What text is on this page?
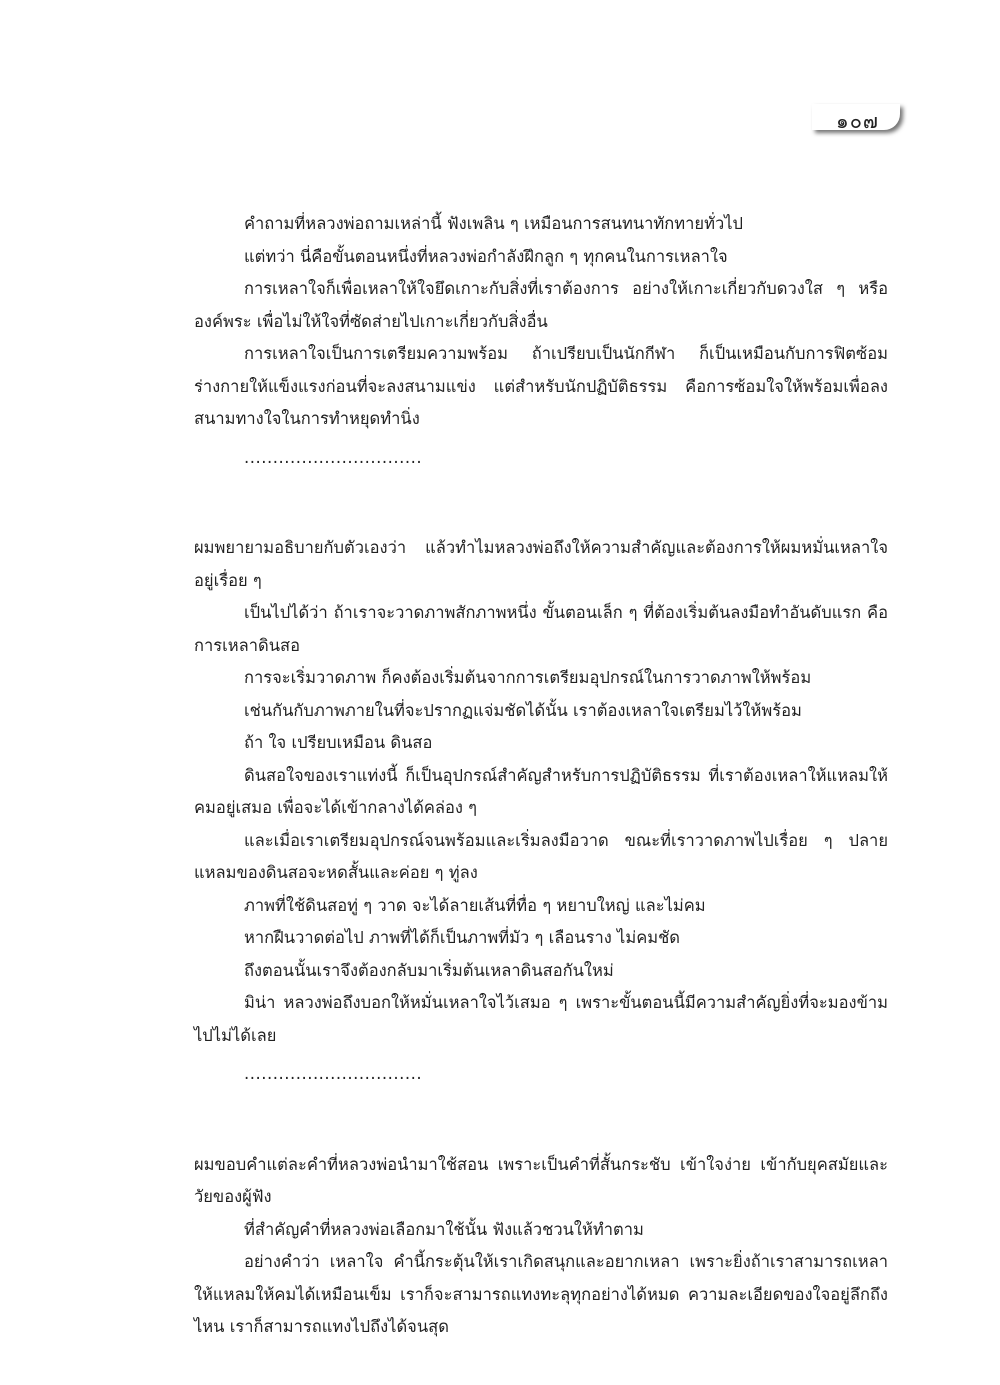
๑๐๗

คำถามที่หลวงพ่อถามเหล่านี้ ฟังเพลิน ๆ เหมือนการสนทนาทักทายทั่วไป

แต่ทว่า นี่คือขั้นตอนหนึ่งที่หลวงพ่อกำลังฝึกลูก ๆ ทุกคนในการเหลาใจ

การเหลาใจก็เพื่อเหลาให้ใจยึดเกาะกับสิ่งที่เราต้องการ อย่างให้เกาะเกี่ยวกับดวงใส ๆ หรือองค์พระ เพื่อไม่ให้ใจที่ซัดส่ายไปเกาะเกี่ยวกับสิ่งอื่น

การเหลาใจเป็นการเตรียมความพร้อม ถ้าเปรียบเป็นนักกีฬา ก็เป็นเหมือนกับการฟิตซ้อมร่างกายให้แข็งแรงก่อนที่จะลงสนามแข่ง แต่สำหรับนักปฏิบัติธรรม คือการซ้อมใจให้พร้อมเพื่อลงสนามทางใจในการทำหยุดทำนิ่ง

...............................

ผมพยายามอธิบายกับตัวเองว่า แล้วทำไมหลวงพ่อถึงให้ความสำคัญและต้องการให้ผมหมั่นเหลาใจอยู่เรื่อย ๆ

เป็นไปได้ว่า ถ้าเราจะวาดภาพสักภาพหนึ่ง ขั้นตอนเล็ก ๆ ที่ต้องเริ่มต้นลงมือทำอันดับแรก คือ การเหลาดินสอ

การจะเริ่มวาดภาพ ก็คงต้องเริ่มต้นจากการเตรียมอุปกรณ์ในการวาดภาพให้พร้อม

เช่นกันกับภาพภายในที่จะปรากฏแจ่มชัดได้นั้น เราต้องเหลาใจเตรียมไว้ให้พร้อม

ถ้า ใจ เปรียบเหมือน ดินสอ

ดินสอใจของเราแท่งนี้ ก็เป็นอุปกรณ์สำคัญสำหรับการปฏิบัติธรรม ที่เราต้องเหลาให้แหลมให้คมอยู่เสมอ เพื่อจะได้เข้ากลางได้คล่อง ๆ

และเมื่อเราเตรียมอุปกรณ์จนพร้อมและเริ่มลงมือวาด ขณะที่เราวาดภาพไปเรื่อย ๆ ปลายแหลมของดินสอจะหดสั้นและค่อย ๆ ทู่ลง

ภาพที่ใช้ดินสอทู่ ๆ วาด จะได้ลายเส้นที่ทื่อ ๆ หยาบใหญ่ และไม่คม

หากฝืนวาดต่อไป ภาพที่ได้ก็เป็นภาพที่มัว ๆ เลือนราง ไม่คมชัด

ถึงตอนนั้นเราจึงต้องกลับมาเริ่มต้นเหลาดินสอกันใหม่

มิน่า หลวงพ่อถึงบอกให้หมั่นเหลาใจไว้เสมอ ๆ เพราะขั้นตอนนี้มีความสำคัญยิ่งที่จะมองข้ามไปไม่ได้เลย

...............................

ผมขอบคำแต่ละคำที่หลวงพ่อนำมาใช้สอน เพราะเป็นคำที่สั้นกระชับ เข้าใจง่าย เข้ากับยุคสมัยและวัยของผู้ฟัง

ที่สำคัญคำที่หลวงพ่อเลือกมาใช้นั้น ฟังแล้วชวนให้ทำตาม

อย่างคำว่า เหลาใจ คำนี้กระตุ้นให้เราเกิดสนุกและอยากเหลา เพราะยิ่งถ้าเราสามารถเหลาให้แหลมให้คมได้เหมือนเข็ม เราก็จะสามารถแทงทะลุทุกอย่างได้หมด ความละเอียดของใจอยู่ลึกถึงไหน เราก็สามารถแทงไปถึงได้จนสุด
